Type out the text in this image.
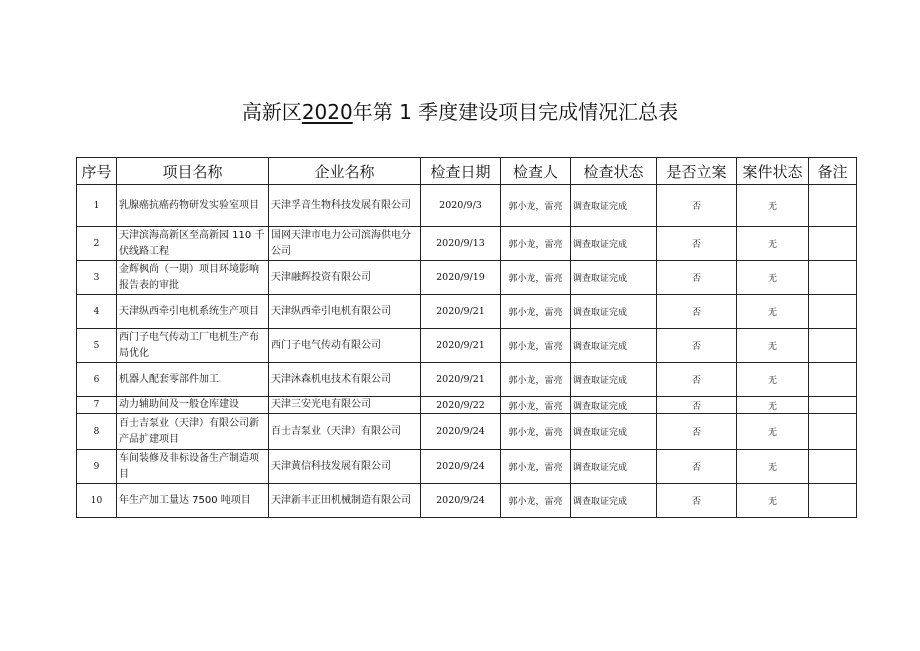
高新区2020年第 1 季度建设项目完成情况汇总表
序号	项目名称	企业名称	检查日期	检查人	检查状态	是否立案	案件状态	备注
1	乳腺癌抗癌药物研发实验室项目	天津孚音生物科技发展有限公司	2020/9/3	郭小龙，雷亮	调查取证完成	否	无	
2	天津滨海高新区至高新园 110 千伏线路工程	国网天津市电力公司滨海供电分公司	2020/9/13	郭小龙，雷亮	调查取证完成	否	无	
3	金辉枫尚（一期）项目环境影响报告表的审批	天津融辉投资有限公司	2020/9/19	郭小龙，雷亮	调查取证完成	否	无	
4	天津纵西牵引电机系统生产项目	天津纵西牵引电机有限公司	2020/9/21	郭小龙，雷亮	调查取证完成	否	无	
5	西门子电气传动工厂电机生产布局优化	西门子电气传动有限公司	2020/9/21	郭小龙，雷亮	调查取证完成	否	无	
6	机器人配套零部件加工	天津沐森机电技术有限公司	2020/9/21	郭小龙，雷亮	调查取证完成	否	无	
7	动力辅助间及一般仓库建设	天津三安光电有限公司	2020/9/22	郭小龙，雷亮	调查取证完成	否	无	
8	百士吉泵业（天津）有限公司新产品扩建项目	百士吉泵业（天津）有限公司	2020/9/24	郭小龙，雷亮	调查取证完成	否	无	
9	车间装修及非标设备生产制造项目	天津黄信科技发展有限公司	2020/9/24	郭小龙，雷亮	调查取证完成	否	无	
10	年生产加工量达 7500 吨项目	天津新丰正田机械制造有限公司	2020/9/24	郭小龙，雷亮	调查取证完成	否	无	
